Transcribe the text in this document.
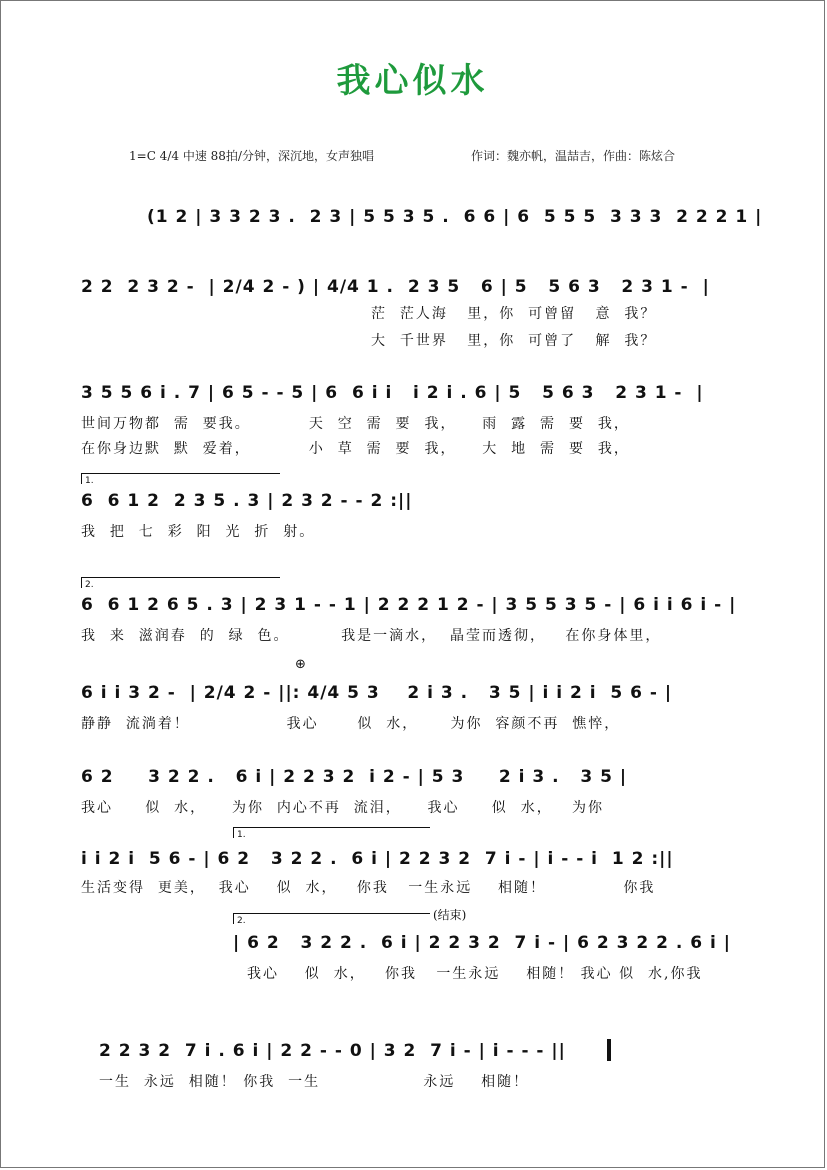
我心似水
1=C 4/4 中速 88拍/分钟，深沉地，女声独唱	作词：魏亦帆，温喆吉，作曲：陈炫合
(1 2 | 3 3 2 3 .  2 3 | 5 5 3 5 .  6 6 | 6  5 5 5  3 3 3  2 2 2 1 |
2 2  2 3 2 -  | 2/4 2 - ) | 4/4 1 .  2 3 5   6 | 5   5 6 3   2 3 1 -  |
茫  茫人海   里，你  可曾留   意  我？
大  千世界   里，你  可曾了   解  我？
3 5 5 6 i . 7 | 6 5 - - 5 | 6  6 i i   i 2 i . 6 | 5   5 6 3   2 3 1 -  |
世间万物都  需  要我。         天  空  需  要  我，    雨  露  需  要  我，
在你身边默  默  爱着，         小  草  需  要  我，    大  地  需  要  我，
1.
6  6 1 2  2 3 5 . 3 | 2 3 2 - - 2 :||
我  把  七  彩  阳  光  折  射。
2.
6  6 1 2 6 5 . 3 | 2 3 1 - - 1 | 2 2 2 1 2 - | 3 5 5 3 5 - | 6 i i 6 i - |
我  来  滋润春  的  绿  色。        我是一滴水，  晶莹而透彻，   在你身体里，
⊕
6 i i 3 2 -  | 2/4 2 - ||: 4/4 5 3    2 i 3 .   3 5 | i i 2 i  5 6 - |
静静  流淌着！               我心      似  水，     为你  容颜不再  憔悴，
6 2     3 2 2 .   6 i | 2 2 3 2  i 2 - | 5 3     2 i 3 .   3 5 |
我心     似  水，    为你  内心不再  流泪，    我心     似  水，   为你
1.
i i 2 i  5 6 - | 6 2   3 2 2 .  6 i | 2 2 3 2  7 i - | i - - i  1 2 :||
生活变得  更美，  我心    似  水，   你我   一生永远    相随！            你我
2.	(结束)
| 6 2   3 2 2 .  6 i | 2 2 3 2  7 i - | 6 2 3 2 2 . 6 i |
我心    似  水，   你我   一生永远    相随！ 我心 似  水,你我
2 2 3 2  7 i . 6 i | 2 2 - - 0 | 3 2  7 i - | i - - - ||
一生  永远  相随！ 你我  一生                永远    相随！
